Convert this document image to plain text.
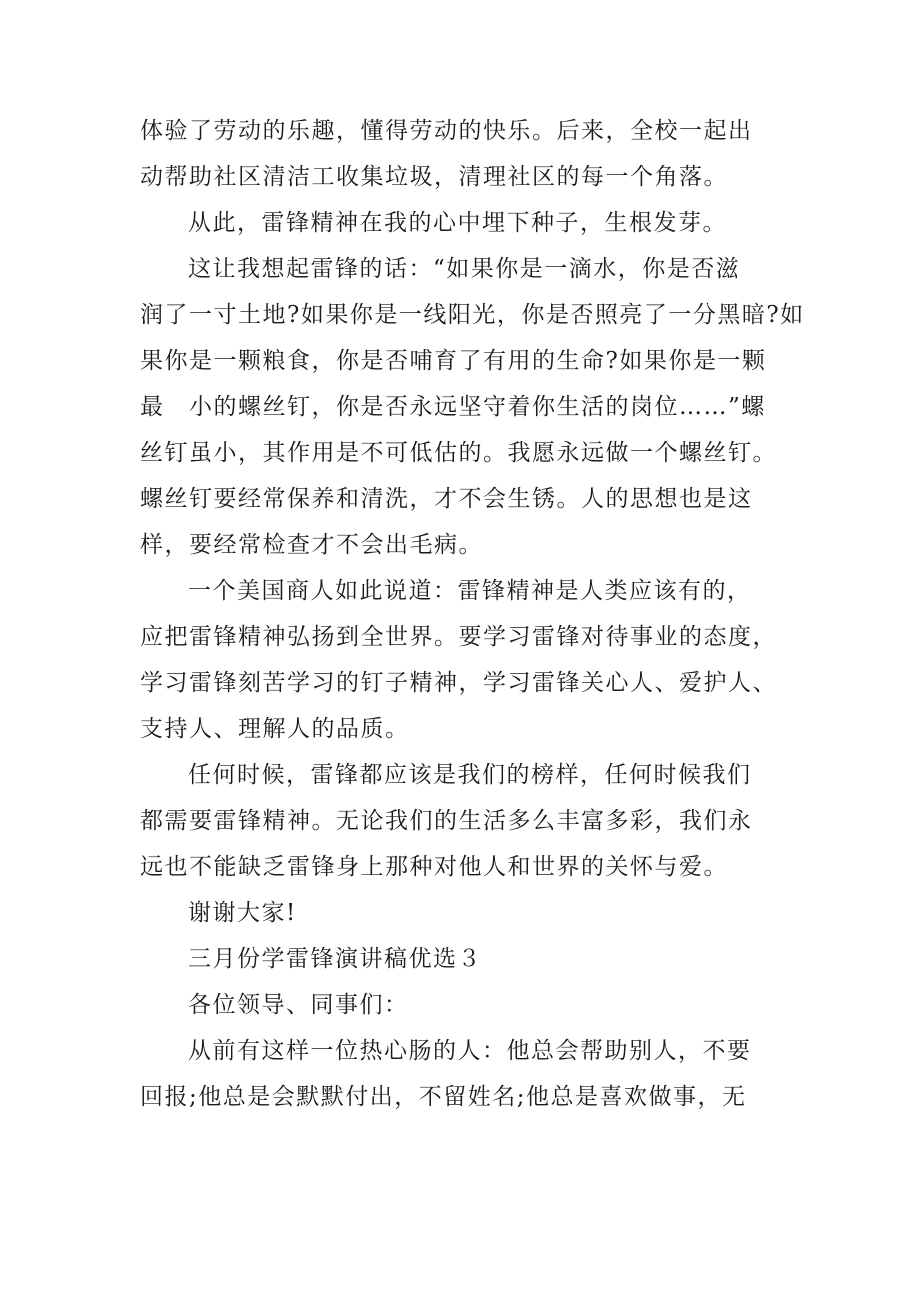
体验了劳动的乐趣，懂得劳动的快乐。后来，全校一起出
动帮助社区清洁工收集垃圾，清理社区的每一个角落。
从此，雷锋精神在我的心中埋下种子，生根发芽。
这让我想起雷锋的话：“如果你是一滴水，你是否滋
润了一寸土地?如果你是一线阳光，你是否照亮了一分黑暗?如
果你是一颗粮食，你是否哺育了有用的生命?如果你是一颗
最　小的螺丝钉，你是否永远坚守着你生活的岗位……”螺
丝钉虽小，其作用是不可低估的。我愿永远做一个螺丝钉。
螺丝钉要经常保养和清洗，才不会生锈。人的思想也是这
样，要经常检查才不会出毛病。
一个美国商人如此说道：雷锋精神是人类应该有的，
应把雷锋精神弘扬到全世界。要学习雷锋对待事业的态度，
学习雷锋刻苦学习的钉子精神，学习雷锋关心人、爱护人、
支持人、理解人的品质。
任何时候，雷锋都应该是我们的榜样，任何时候我们
都需要雷锋精神。无论我们的生活多么丰富多彩，我们永
远也不能缺乏雷锋身上那种对他人和世界的关怀与爱。
谢谢大家!
三月份学雷锋演讲稿优选３
各位领导、同事们：
从前有这样一位热心肠的人：他总会帮助别人，不要
回报;他总是会默默付出，不留姓名;他总是喜欢做事，无
